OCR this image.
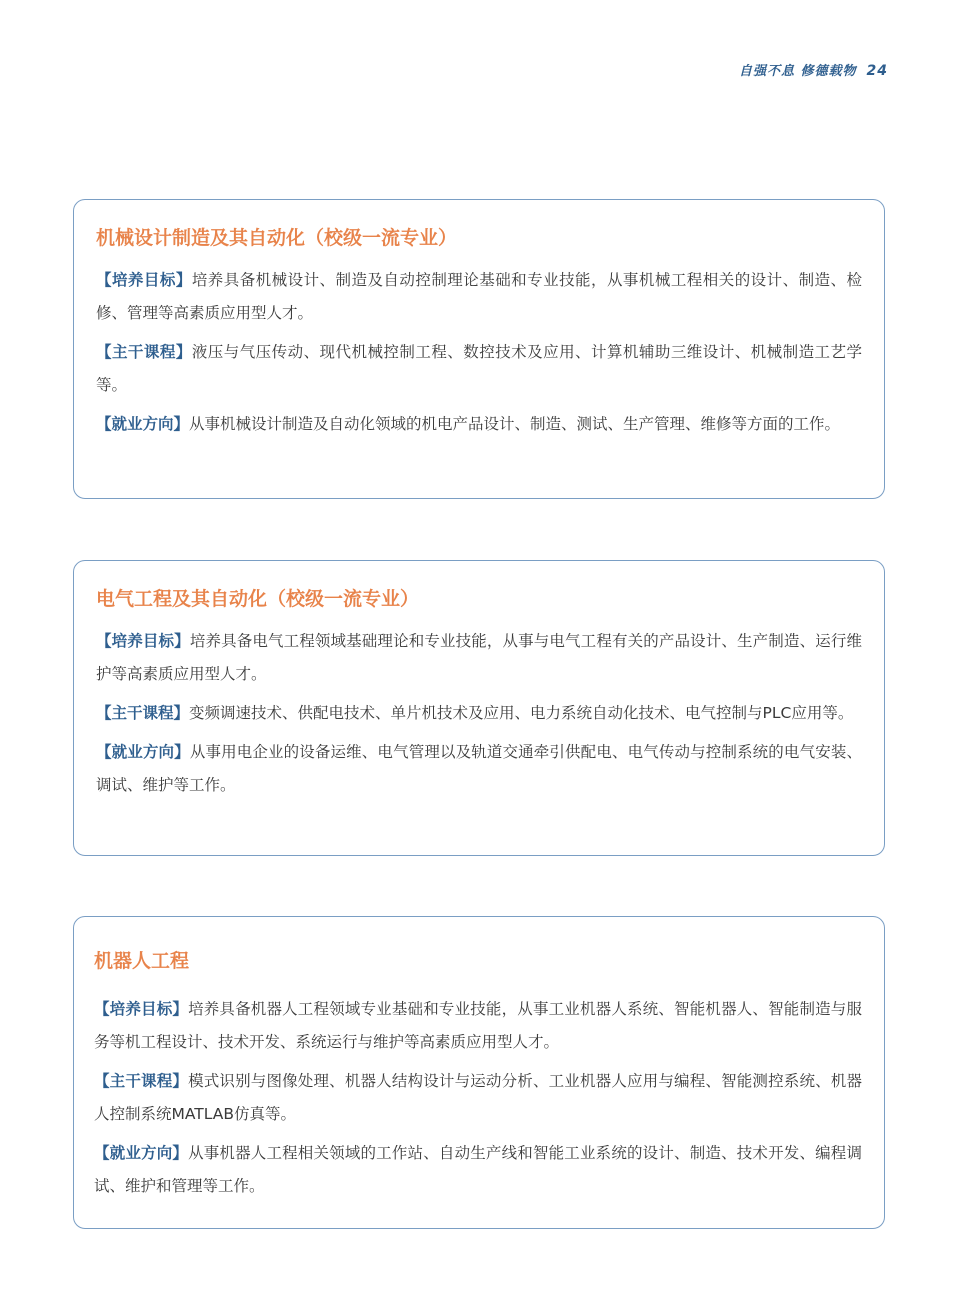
自强不息 修德载物 24
机械设计制造及其自动化（校级一流专业）

【培养目标】培养具备机械设计、制造及自动控制理论基础和专业技能，从事机械工程相关的设计、制造、检修、管理等高素质应用型人才。

【主干课程】液压与气压传动、现代机械控制工程、数控技术及应用、计算机辅助三维设计、机械制造工艺学等。

【就业方向】从事机械设计制造及自动化领域的机电产品设计、制造、测试、生产管理、维修等方面的工作。

电气工程及其自动化（校级一流专业）

【培养目标】培养具备电气工程领域基础理论和专业技能，从事与电气工程有关的产品设计、生产制造、运行维护等高素质应用型人才。

【主干课程】变频调速技术、供配电技术、单片机技术及应用、电力系统自动化技术、电气控制与PLC应用等。

【就业方向】从事用电企业的设备运维、电气管理以及轨道交通牵引供配电、电气传动与控制系统的电气安装、调试、维护等工作。

机器人工程

【培养目标】培养具备机器人工程领域专业基础和专业技能，从事工业机器人系统、智能机器人、智能制造与服务等机工程设计、技术开发、系统运行与维护等高素质应用型人才。

【主干课程】模式识别与图像处理、机器人结构设计与运动分析、工业机器人应用与编程、智能测控系统、机器人控制系统MATLAB仿真等。

【就业方向】从事机器人工程相关领域的工作站、自动生产线和智能工业系统的设计、制造、技术开发、编程调试、维护和管理等工作。
